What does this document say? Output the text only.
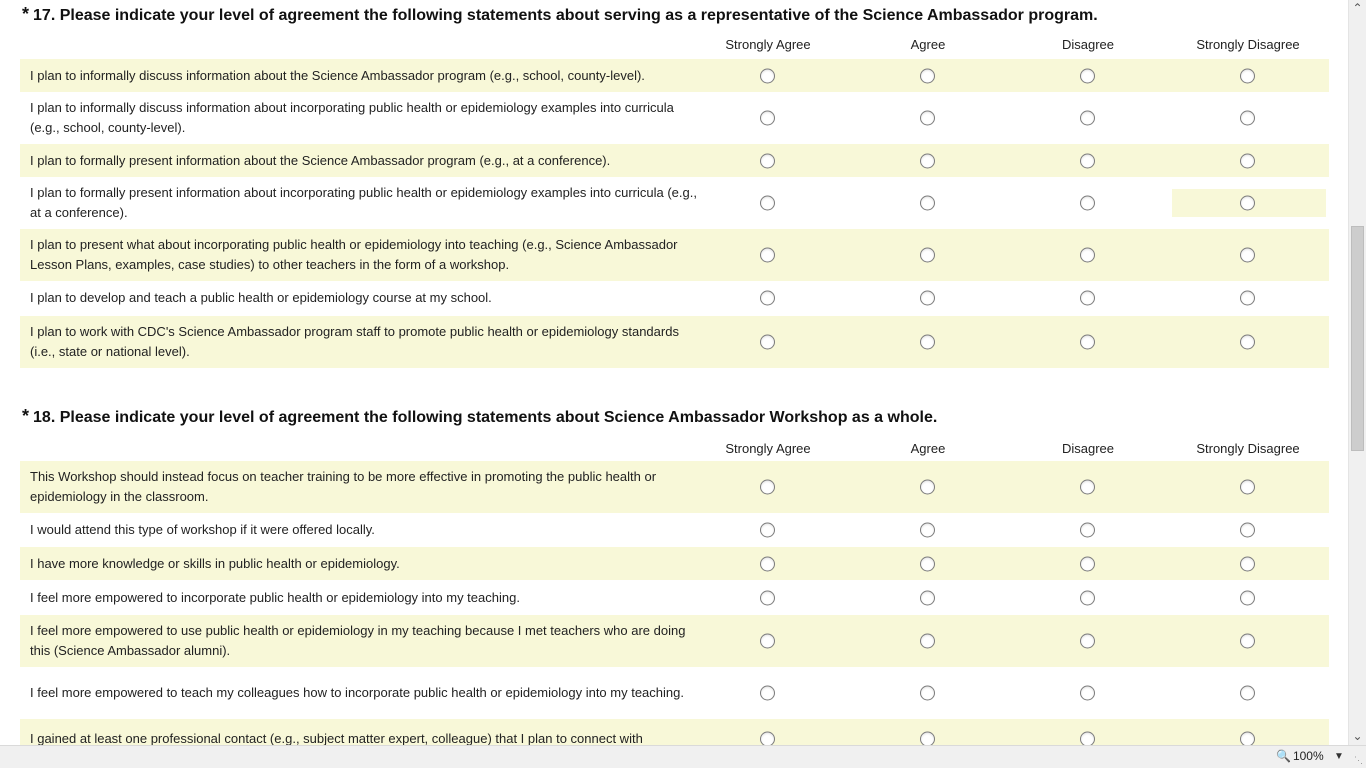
* 17. Please indicate your level of agreement the following statements about serving as a representative of the Science Ambassador program.
Strongly Agree	Agree	Disagree	Strongly Disagree
I plan to informally discuss information about the Science Ambassador program (e.g., school, county-level).
I plan to informally discuss information about incorporating public health or epidemiology examples into curricula (e.g., school, county-level).
I plan to formally present information about the Science Ambassador program (e.g., at a conference).
I plan to formally present information about incorporating public health or epidemiology examples into curricula (e.g., at a conference).
I plan to present what about incorporating public health or epidemiology into teaching (e.g., Science Ambassador Lesson Plans, examples, case studies) to other teachers in the form of a workshop.
I plan to develop and teach a public health or epidemiology course at my school.
I plan to work with CDC's Science Ambassador program staff to promote public health or epidemiology standards (i.e., state or national level).
* 18. Please indicate your level of agreement the following statements about Science Ambassador Workshop as a whole.
Strongly Agree	Agree	Disagree	Strongly Disagree
This Workshop should instead focus on teacher training to be more effective in promoting the public health or epidemiology in the classroom.
I would attend this type of workshop if it were offered locally.
I have more knowledge or skills in public health or epidemiology.
I feel more empowered to incorporate public health or epidemiology into my teaching.
I feel more empowered to use public health or epidemiology in my teaching because I met teachers who are doing this (Science Ambassador alumni).
I feel more empowered to teach my colleagues how to incorporate public health or epidemiology into my teaching.
I gained at least one professional contact (e.g., subject matter expert, colleague) that I plan to connect with
⌃
⌄
🔍 100% ▼ ⋱
